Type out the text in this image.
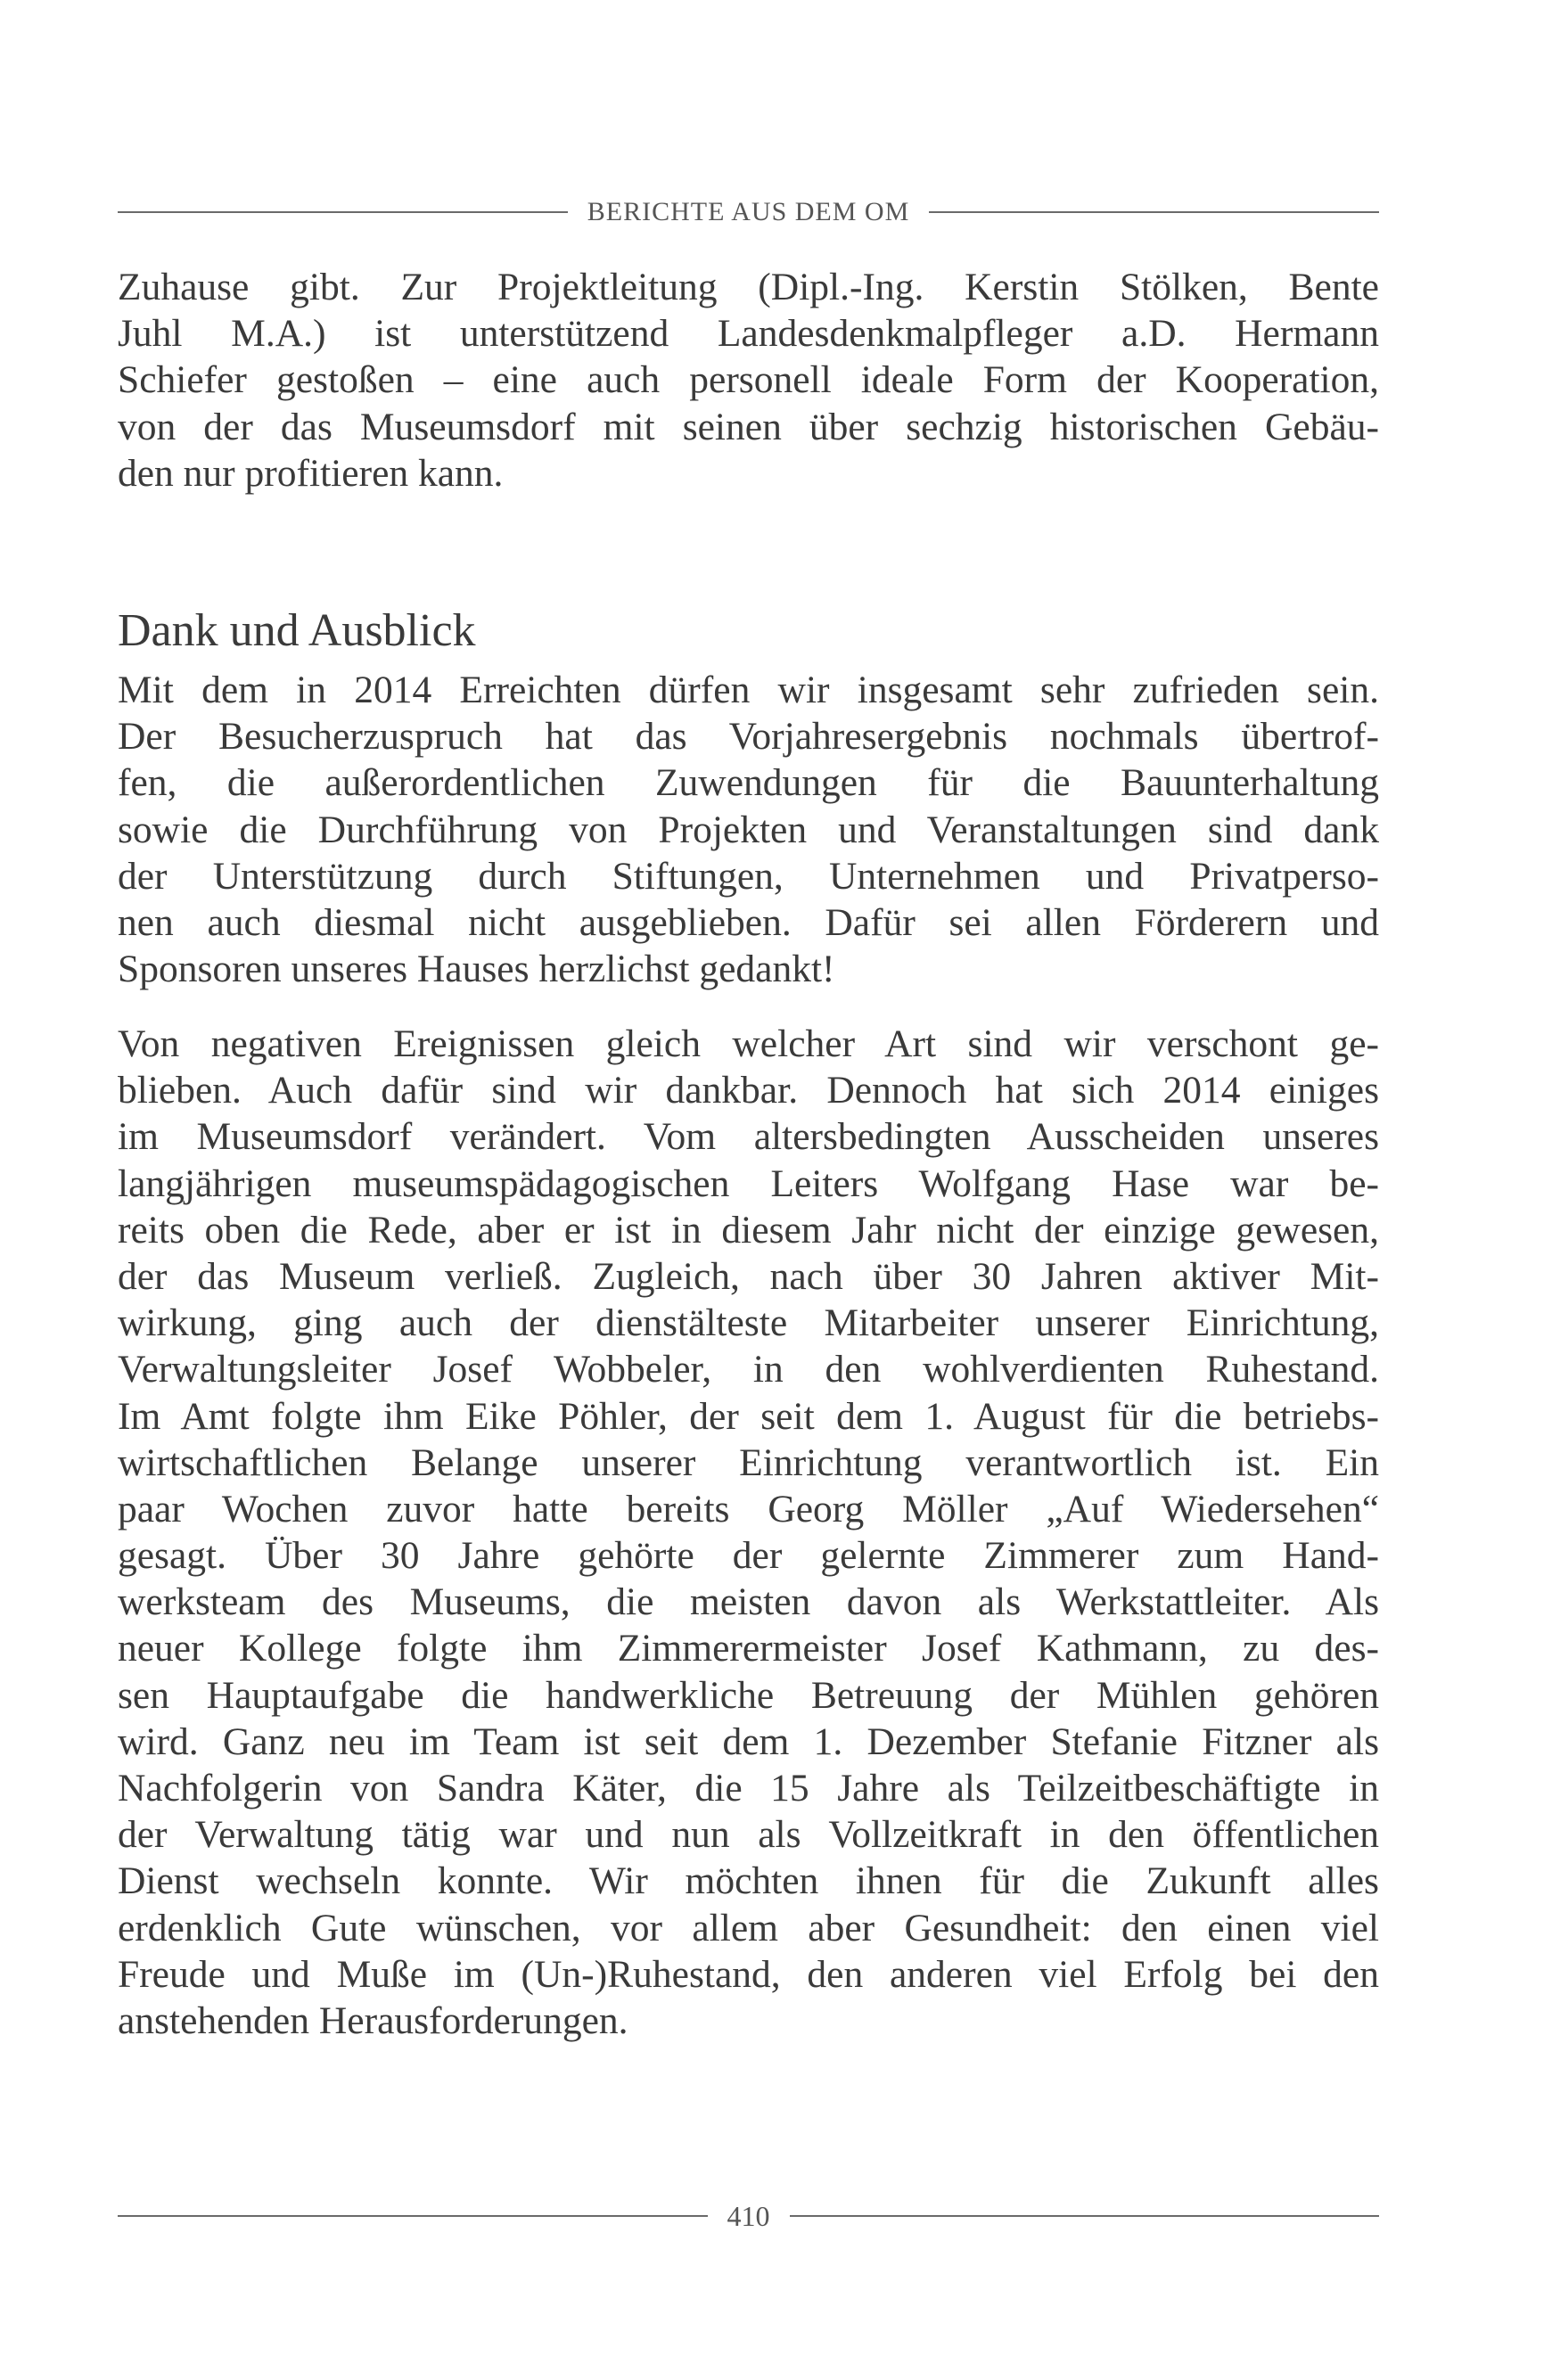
BERICHTE AUS DEM OM
Zuhause gibt. Zur Projektleitung (Dipl.-Ing. Kerstin Stölken, Bente
Juhl M.A.) ist unterstützend Landesdenkmalpfleger a.D. Hermann
Schiefer gestoßen – eine auch personell ideale Form der Kooperation,
von der das Museumsdorf mit seinen über sechzig historischen Gebäu-
den nur profitieren kann.
Dank und Ausblick
Mit dem in 2014 Erreichten dürfen wir insgesamt sehr zufrieden sein.
Der Besucherzuspruch hat das Vorjahresergebnis nochmals übertrof-
fen, die außerordentlichen Zuwendungen für die Bauunterhaltung
sowie die Durchführung von Projekten und Veranstaltungen sind dank
der Unterstützung durch Stiftungen, Unternehmen und Privatperso-
nen auch diesmal nicht ausgeblieben. Dafür sei allen Förderern und
Sponsoren unseres Hauses herzlichst gedankt!
Von negativen Ereignissen gleich welcher Art sind wir verschont ge-
blieben. Auch dafür sind wir dankbar. Dennoch hat sich 2014 einiges
im Museumsdorf verändert. Vom altersbedingten Ausscheiden unseres
langjährigen museumspädagogischen Leiters Wolfgang Hase war be-
reits oben die Rede, aber er ist in diesem Jahr nicht der einzige gewesen,
der das Museum verließ. Zugleich, nach über 30 Jahren aktiver Mit-
wirkung, ging auch der dienstälteste Mitarbeiter unserer Einrichtung,
Verwaltungsleiter Josef Wobbeler, in den wohlverdienten Ruhestand.
Im Amt folgte ihm Eike Pöhler, der seit dem 1. August für die betriebs-
wirtschaftlichen Belange unserer Einrichtung verantwortlich ist. Ein
paar Wochen zuvor hatte bereits Georg Möller „Auf Wiedersehen“
gesagt. Über 30 Jahre gehörte der gelernte Zimmerer zum Hand-
werksteam des Museums, die meisten davon als Werkstattleiter. Als
neuer Kollege folgte ihm Zimmerermeister Josef Kathmann, zu des-
sen Hauptaufgabe die handwerkliche Betreuung der Mühlen gehören
wird. Ganz neu im Team ist seit dem 1. Dezember Stefanie Fitzner als
Nachfolgerin von Sandra Käter, die 15 Jahre als Teilzeitbeschäftigte in
der Verwaltung tätig war und nun als Vollzeitkraft in den öffentlichen
Dienst wechseln konnte. Wir möchten ihnen für die Zukunft alles
erdenklich Gute wünschen, vor allem aber Gesundheit: den einen viel
Freude und Muße im (Un-)Ruhestand, den anderen viel Erfolg bei den
anstehenden Herausforderungen.
410
